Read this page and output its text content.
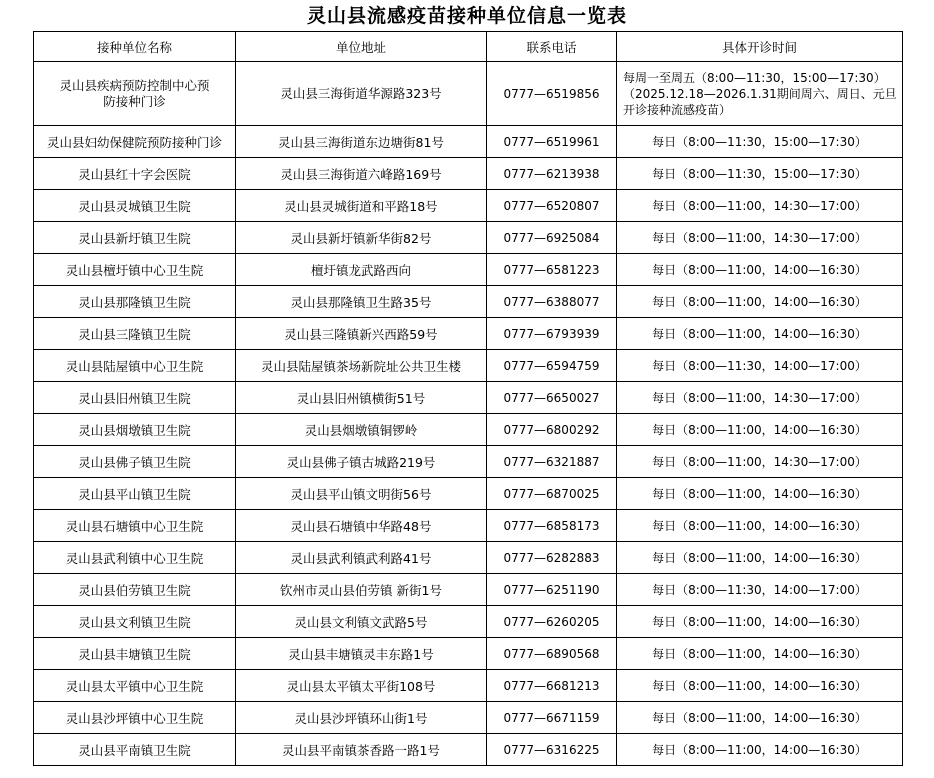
灵山县流感疫苗接种单位信息一览表
接种单位名称	单位地址	联系电话	具体开诊时间
灵山县疾病预防控制中心预防接种门诊	灵山县三海街道华源路323号	0777—6519856	每周一至周五（8:00—11:30，15:00—17:30）（2025.12.18—2026.1.31期间周六、周日、元旦开诊接种流感疫苗）
灵山县妇幼保健院预防接种门诊	灵山县三海街道东边塘街81号	0777—6519961	每日（8:00—11:30，15:00—17:30）
灵山县红十字会医院	灵山县三海街道六峰路169号	0777—6213938	每日（8:00—11:30，15:00—17:30）
灵山县灵城镇卫生院	灵山县灵城街道和平路18号	0777—6520807	每日（8:00—11:00，14:30—17:00）
灵山县新圩镇卫生院	灵山县新圩镇新华街82号	0777—6925084	每日（8:00—11:00，14:30—17:00）
灵山县檀圩镇中心卫生院	檀圩镇龙武路西向	0777—6581223	每日（8:00—11:00，14:00—16:30）
灵山县那隆镇卫生院	灵山县那隆镇卫生路35号	0777—6388077	每日（8:00—11:00，14:00—16:30）
灵山县三隆镇卫生院	灵山县三隆镇新兴西路59号	0777—6793939	每日（8:00—11:00，14:00—16:30）
灵山县陆屋镇中心卫生院	灵山县陆屋镇茶场新院址公共卫生楼	0777—6594759	每日（8:00—11:30，14:00—17:00）
灵山县旧州镇卫生院	灵山县旧州镇横街51号	0777—6650027	每日（8:00—11:00，14:30—17:00）
灵山县烟墩镇卫生院	灵山县烟墩镇铜锣岭	0777—6800292	每日（8:00—11:00，14:00—16:30）
灵山县佛子镇卫生院	灵山县佛子镇古城路219号	0777—6321887	每日（8:00—11:00，14:30—17:00）
灵山县平山镇卫生院	灵山县平山镇文明街56号	0777—6870025	每日（8:00—11:00，14:00—16:30）
灵山县石塘镇中心卫生院	灵山县石塘镇中华路48号	0777—6858173	每日（8:00—11:00，14:00—16:30）
灵山县武利镇中心卫生院	灵山县武利镇武利路41号	0777—6282883	每日（8:00—11:00，14:00—16:30）
灵山县伯劳镇卫生院	钦州市灵山县伯劳镇 新街1号	0777—6251190	每日（8:00—11:30，14:00—17:00）
灵山县文利镇卫生院	灵山县文利镇文武路5号	0777—6260205	每日（8:00—11:00，14:00—16:30）
灵山县丰塘镇卫生院	灵山县丰塘镇灵丰东路1号	0777—6890568	每日（8:00—11:00，14:00—16:30）
灵山县太平镇中心卫生院	灵山县太平镇太平街108号	0777—6681213	每日（8:00—11:00，14:00—16:30）
灵山县沙坪镇中心卫生院	灵山县沙坪镇环山街1号	0777—6671159	每日（8:00—11:00，14:00—16:30）
灵山县平南镇卫生院	灵山县平南镇茶香路一路1号	0777—6316225	每日（8:00—11:00，14:00—16:30）
